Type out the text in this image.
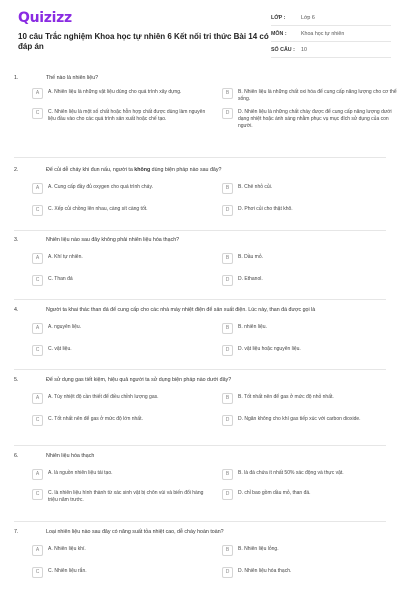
Quizizz
10 câu Trắc nghiệm Khoa học tự nhiên 6 Kết nối tri thức Bài 14 có đáp án
LỚP :	Lớp 6
MÔN :	Khoa học tự nhiên
SỐ CÂU :	10
1.	Thế nào là nhiên liệu?
A	A. Nhiên liệu là những vật liệu dùng cho quá trình xây dựng.	B	B. Nhiên liệu là những chất oxi hóa để cung cấp năng lượng cho cơ thể sống.
C	C. Nhiên liệu là một số chất hoặc hỗn hợp chất được dùng làm nguyên liệu đầu vào cho các quá trình sản xuất hoặc chế tạo.
D	D. Nhiên liệu là những chất cháy được để cung cấp năng lượng dưới dạng nhiệt hoặc ánh sáng nhằm phục vụ mục đích sử dụng của con người.
2.	Để củi dễ cháy khi đun nấu, người ta không dùng biện pháp nào sau đây?
A	A. Cung cấp đầy đủ oxygen cho quá trình cháy.	B	B. Chẻ nhỏ củi.
C	C. Xếp củi chồng lên nhau, càng sít càng tốt.	D	D. Phơi củi cho thật khô.
3.	Nhiên liệu nào sau đây không phải nhiên liệu hóa thạch?
A	A. Khí tự nhiên.	B	B. Dầu mỏ.
C	C. Than đá	D	D. Ethanol.
4.	Người ta khai thác than đá để cung cấp cho các nhà máy nhiệt điện để sản xuất điện. Lúc này, than đá được gọi là
A	A. nguyên liệu.	B	B. nhiên liệu.
C	C. vật liệu.	D	D. vật liệu hoặc nguyên liệu.
5.	Để sử dụng gas tiết kiệm, hiệu quả người ta sử dụng biện pháp nào dưới đây?
A	A. Tùy nhiệt độ cần thiết để điều chỉnh lượng gas.	B	B. Tốt nhất nên để gas ở mức độ nhỏ nhất.
C	C. Tốt nhất nên để gas ở mức độ lớn nhất.	D	D. Ngăn không cho khí gas tiếp xúc với carbon dioxide.
6.	Nhiên liệu hóa thạch
A	A. là nguồn nhiên liệu tái tạo.	B	B. là đá chứa ít nhất 50% xác động và thực vật.
C	C. là nhiên liệu hình thành từ xác sinh vật bị chôn vùi và biến đổi hàng triệu năm trước.
D	D. chỉ bao gồm dầu mỏ, than đá.
7.	Loại nhiên liệu nào sau đây có năng suất tỏa nhiệt cao, dễ cháy hoàn toàn?
A	A. Nhiên liệu khí.	B	B. Nhiên liệu lỏng.
C	C. Nhiên liệu rắn.	D	D. Nhiên liệu hóa thạch.
